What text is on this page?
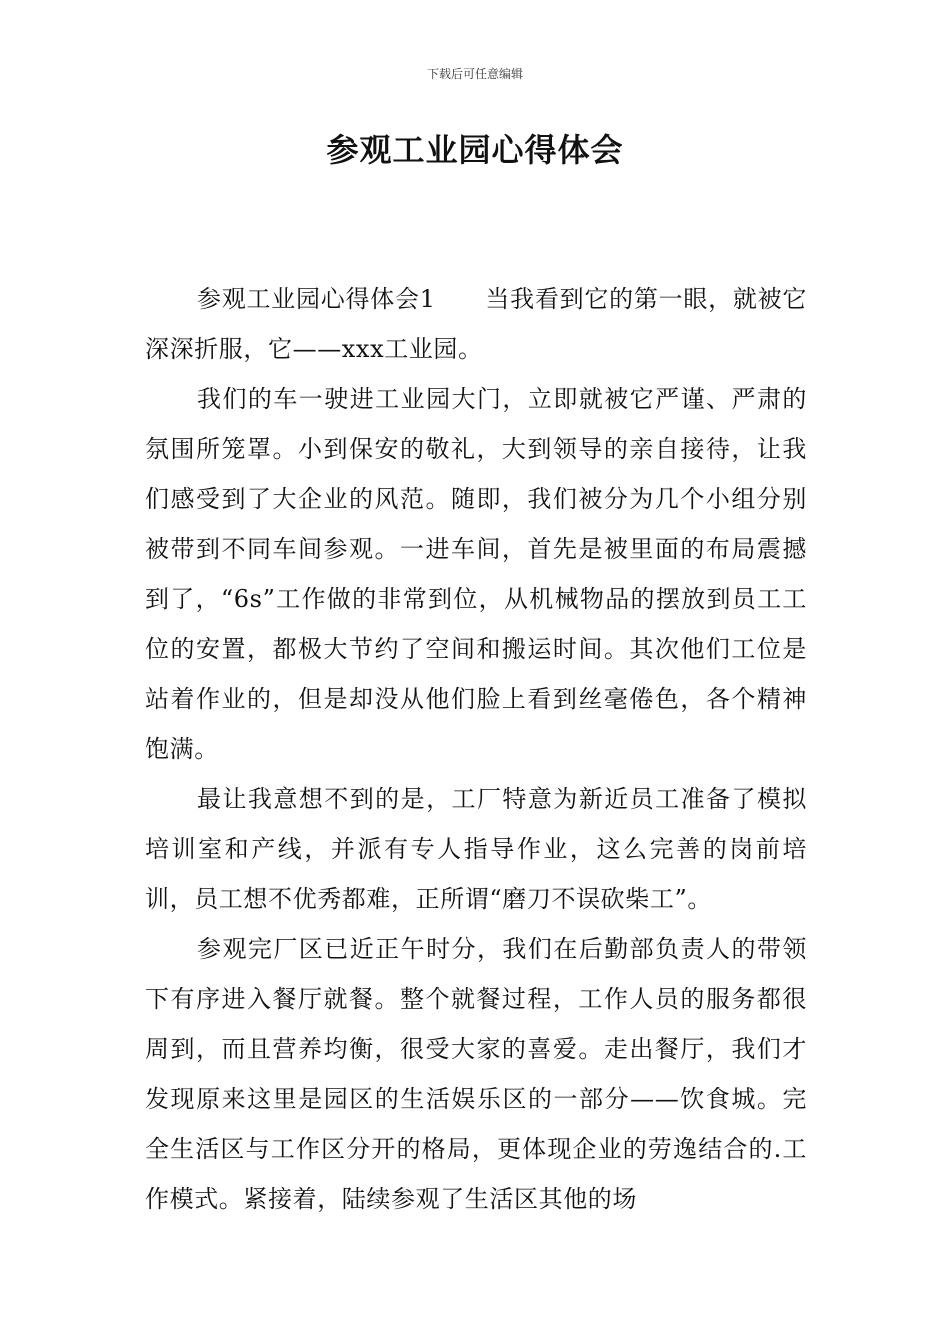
下载后可任意编辑
参观工业园心得体会

参观工业园心得体会1　　当我看到它的第一眼，就被它深深折服，它——xxx工业园。

我们的车一驶进工业园大门，立即就被它严谨、严肃的氛围所笼罩。小到保安的敬礼，大到领导的亲自接待，让我们感受到了大企业的风范。随即，我们被分为几个小组分别被带到不同车间参观。一进车间，首先是被里面的布局震撼到了，“6s”工作做的非常到位，从机械物品的摆放到员工工位的安置，都极大节约了空间和搬运时间。其次他们工位是站着作业的，但是却没从他们脸上看到丝毫倦色，各个精神饱满。

最让我意想不到的是，工厂特意为新近员工准备了模拟培训室和产线，并派有专人指导作业，这么完善的岗前培训，员工想不优秀都难，正所谓“磨刀不误砍柴工”。

参观完厂区已近正午时分，我们在后勤部负责人的带领下有序进入餐厅就餐。整个就餐过程，工作人员的服务都很周到，而且营养均衡，很受大家的喜爱。走出餐厅，我们才发现原来这里是园区的生活娱乐区的一部分——饮食城。完全生活区与工作区分开的格局，更体现企业的劳逸结合的.工作模式。紧接着，陆续参观了生活区其他的场
